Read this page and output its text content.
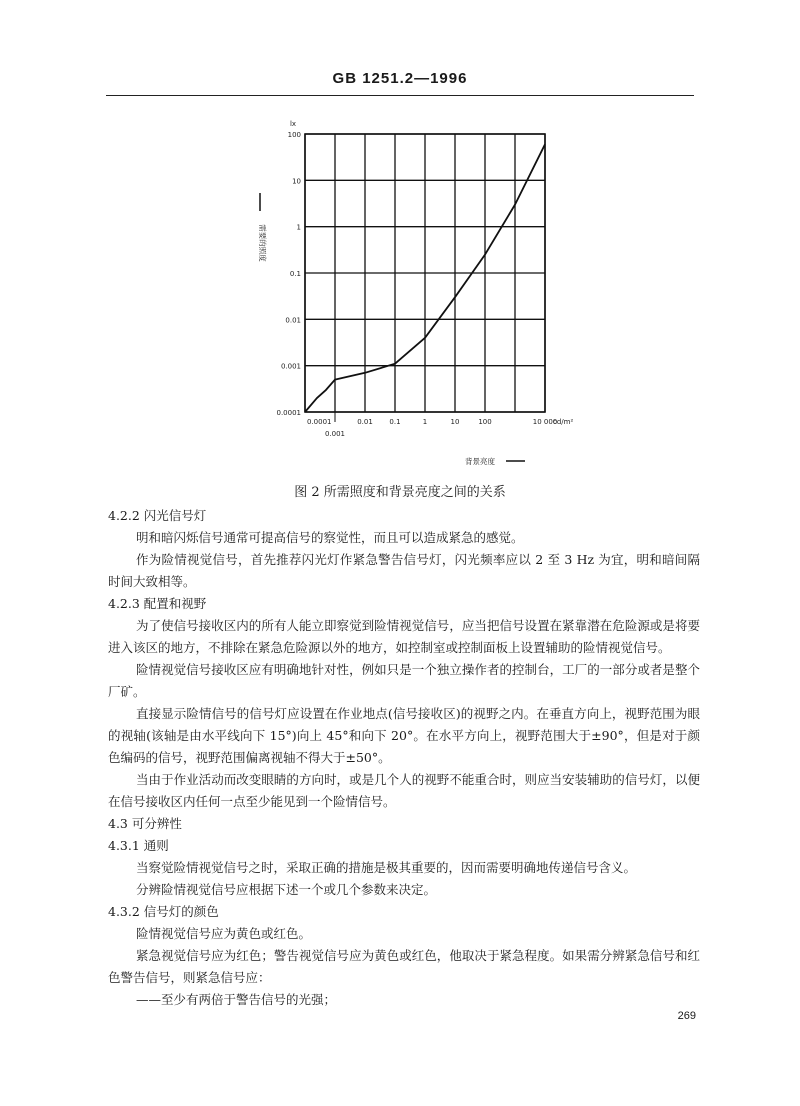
GB 1251.2—1996
100
10
1
0.1
0.01
0.001
0.0001
0.0001
0.001
0.01 0.1	1	10	100	10 000
lx
cd/m²
需要的照度
背景亮度
图 2 所需照度和背景亮度之间的关系
4.2.2 闪光信号灯
明和暗闪烁信号通常可提高信号的察觉性，而且可以造成紧急的感觉。
作为险情视觉信号，首先推荐闪光灯作紧急警告信号灯，闪光频率应以 2 至 3 Hz 为宜，明和暗间隔时间大致相等。
4.2.3 配置和视野
为了使信号接收区内的所有人能立即察觉到险情视觉信号，应当把信号设置在紧靠潜在危险源或是将要进入该区的地方，不排除在紧急危险源以外的地方，如控制室或控制面板上设置辅助的险情视觉信号。
险情视觉信号接收区应有明确地针对性，例如只是一个独立操作者的控制台，工厂的一部分或者是整个厂矿。
直接显示险情信号的信号灯应设置在作业地点(信号接收区)的视野之内。在垂直方向上，视野范围为眼的视轴(该轴是由水平线向下 15°)向上 45°和向下 20°。在水平方向上，视野范围大于±90°，但是对于颜色编码的信号，视野范围偏离视轴不得大于±50°。
当由于作业活动而改变眼睛的方向时，或是几个人的视野不能重合时，则应当安装辅助的信号灯，以便在信号接收区内任何一点至少能见到一个险情信号。
4.3 可分辨性
4.3.1 通则
当察觉险情视觉信号之时，采取正确的措施是极其重要的，因而需要明确地传递信号含义。
分辨险情视觉信号应根据下述一个或几个参数来决定。
4.3.2 信号灯的颜色
险情视觉信号应为黄色或红色。
紧急视觉信号应为红色；警告视觉信号应为黄色或红色，他取决于紧急程度。如果需分辨紧急信号和红色警告信号，则紧急信号应：
——至少有两倍于警告信号的光强；
269
